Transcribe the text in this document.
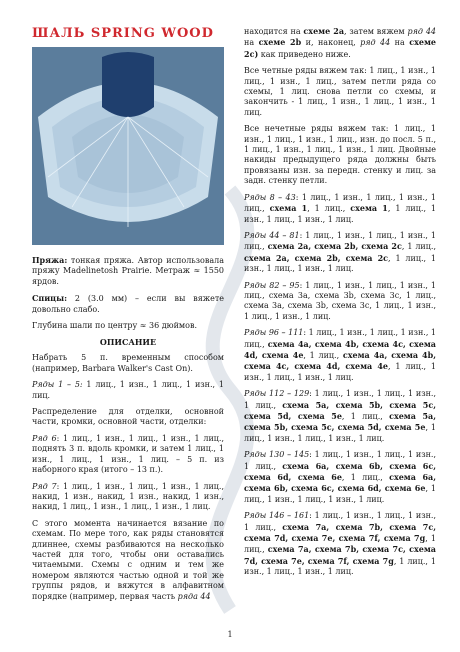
ШАЛЬ SPRING WOOD

Пряжа: тонкая пряжа. Автор использовала пряжу Madelinetosh Prairie. Метраж ≈ 1550 ярдов.

Спицы: 2 (3.0 мм) – если вы вяжете довольно слабо.

Глубина шали по центру ≈ 36 дюймов.

ОПИСАНИЕ

Набрать 5 п. временным способом (например, Barbara Walker's Cast On).

Ряды 1 – 5: 1 лиц., 1 изн., 1 лиц., 1 изн., 1 лиц.

Распределение для отделки, основной части, кромки, основной части, отделки:

Ряд 6: 1 лиц., 1 изн., 1 лиц., 1 изн., 1 лиц., поднять 3 п. вдоль кромки, и затем 1 лиц., 1 изн., 1 лиц., 1 изн., 1 лиц. – 5 п. из наборного края (итого – 13 п.).

Ряд 7: 1 лиц., 1 изн., 1 лиц., 1 изн., 1 лиц., накид, 1 изн., накид, 1 изн., накид, 1 изн., накид, 1 лиц., 1 изн., 1 лиц., 1 изн., 1 лиц.

С этого момента начинается вязание по схемам. По мере того, как ряды становятся длиннее, схемы разбиваются на несколько частей для того, чтобы они оставались читаемыми. Схемы с одним и тем же номером являются частью одной и той же группы рядов, и вяжутся в алфавитном порядке (например, первая часть ряда 44

находится на схеме 2a, затем вяжем ряд 44 на схеме 2b и, наконец, ряд 44 на схеме 2c) как приведено ниже.

Все четные ряды вяжем так: 1 лиц., 1 изн., 1 лиц., 1 изн., 1 лиц., затем петли ряда со схемы, 1 лиц. снова петли со схемы, и закончить - 1 лиц., 1 изн., 1 лиц., 1 изн., 1 лиц.

Все нечетные ряды вяжем так: 1 лиц., 1 изн., 1 лиц., 1 изн., 1 лиц., изн. до посл. 5 п., 1 лиц., 1 изн., 1 лиц., 1 изн., 1 лиц. Двойные накиды предыдущего ряда должны быть провязаны изн. за передн. стенку и лиц. за задн. стенку петли.

Ряды 8 – 43: 1 лиц., 1 изн., 1 лиц., 1 изн., 1 лиц., схема 1, 1 лиц., схема 1, 1 лиц., 1 изн., 1 лиц., 1 изн., 1 лиц.

Ряды 44 – 81: 1 лиц., 1 изн., 1 лиц., 1 изн., 1 лиц., схема 2a, схема 2b, схема 2c, 1 лиц., схема 2a, схема 2b, схема 2c, 1 лиц., 1 изн., 1 лиц., 1 изн., 1 лиц.

Ряды 82 – 95: 1 лиц., 1 изн., 1 лиц., 1 изн., 1 лиц., схема 3a, схема 3b, схема 3c, 1 лиц., схема 3a, схема 3b, схема 3c, 1 лиц., 1 изн., 1 лиц., 1 изн., 1 лиц.

Ряды 96 – 111: 1 лиц., 1 изн., 1 лиц., 1 изн., 1 лиц., схема 4a, схема 4b, схема 4c, схема 4d, схема 4e, 1 лиц., схема 4a, схема 4b, схема 4c, схема 4d, схема 4e, 1 лиц., 1 изн., 1 лиц., 1 изн., 1 лиц.

Ряды 112 – 129: 1 лиц., 1 изн., 1 лиц., 1 изн., 1 лиц., схема 5a, схема 5b, схема 5c, схема 5d, схема 5e, 1 лиц., схема 5a, схема 5b, схема 5c, схема 5d, схема 5e, 1 лиц., 1 изн., 1 лиц., 1 изн., 1 лиц.

Ряды 130 – 145: 1 лиц., 1 изн., 1 лиц., 1 изн., 1 лиц., схема 6a, схема 6b, схема 6c, схема 6d, схема 6e, 1 лиц., схема 6a, схема 6b, схема 6c, схема 6d, схема 6e, 1 лиц., 1 изн., 1 лиц., 1 изн., 1 лиц.

Ряды 146 – 161: 1 лиц., 1 изн., 1 лиц., 1 изн., 1 лиц., схема 7a, схема 7b, схема 7c, схема 7d, схема 7e, схема 7f, схема 7g, 1 лиц., схема 7a, схема 7b, схема 7c, схема 7d, схема 7e, схема 7f, схема 7g, 1 лиц., 1 изн., 1 лиц., 1 изн., 1 лиц.

1
